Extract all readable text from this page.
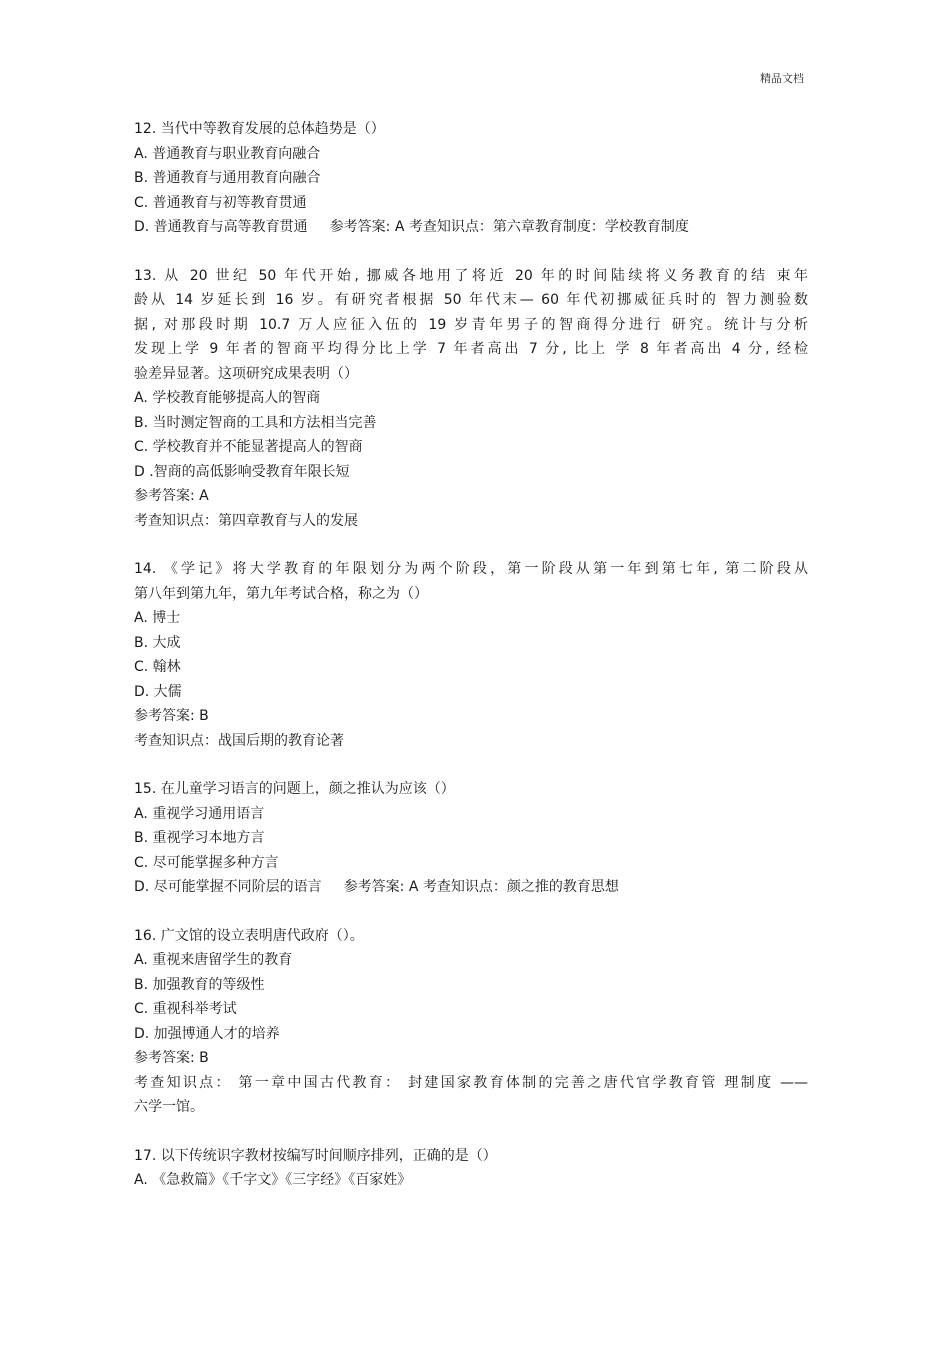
精品文档
12. 当代中等教育发展的总体趋势是（）
A. 普通教育与职业教育向融合
B. 普通教育与通用教育向融合
C. 普通教育与初等教育贯通
D. 普通教育与高等教育贯通 参考答案: A 考查知识点：第六章教育制度：学校教育制度
13. 从 20 世纪 50 年代开始, 挪威各地用了将近 20 年的时间陆续将义务教育的结 束年
龄从 14 岁延长到 16 岁。有研究者根据 50 年代末— 60 年代初挪威征兵时的 智力测验数
据, 对那段时期 10.7 万人应征入伍的 19 岁青年男子的智商得分进行 研究。统计与分析
发现上学 9 年者的智商平均得分比上学 7 年者高出 7 分, 比上 学 8 年者高出 4 分, 经检
验差异显著。这项研究成果表明（）
A. 学校教育能够提高人的智商
B. 当时测定智商的工具和方法相当完善
C. 学校教育并不能显著提高人的智商
D .智商的高低影响受教育年限长短
参考答案: A
考查知识点：第四章教育与人的发展
14. 《学记》将大学教育的年限划分为两个阶段，第一阶段从第一年到第七年, 第二阶段从
第八年到第九年，第九年考试合格，称之为（）
A. 博士
B. 大成
C. 翰林
D. 大儒
参考答案: B
考查知识点：战国后期的教育论著
15. 在儿童学习语言的问题上，颜之推认为应该（）
A. 重视学习通用语言
B. 重视学习本地方言
C. 尽可能掌握多种方言
D. 尽可能掌握不同阶层的语言 参考答案: A 考查知识点：颜之推的教育思想
16. 广文馆的设立表明唐代政府（）。
A. 重视来唐留学生的教育
B. 加强教育的等级性
C. 重视科举考试
D. 加强博通人才的培养
参考答案: B
考查知识点： 第一章中国古代教育： 封建国家教育体制的完善之唐代官学教育管 理制度 ——
六学一馆。
17. 以下传统识字教材按编写时间顺序排列，正确的是（）
A. 《急救篇》《千字文》《三字经》《百家姓》
